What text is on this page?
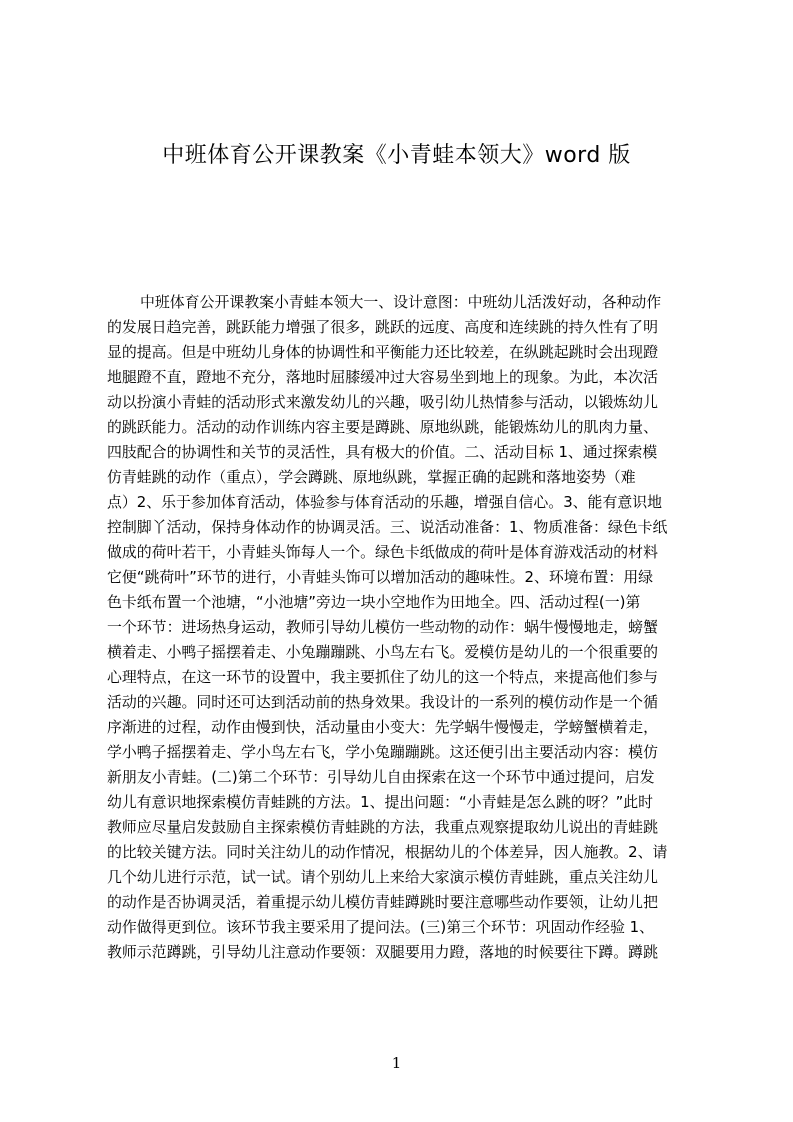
中班体育公开课教案《小青蛙本领大》word 版
中班体育公开课教案小青蛙本领大一、设计意图：中班幼儿活泼好动，各种动作
的发展日趋完善，跳跃能力增强了很多，跳跃的远度、高度和连续跳的持久性有了明
显的提高。但是中班幼儿身体的协调性和平衡能力还比较差，在纵跳起跳时会出现蹬
地腿蹬不直，蹬地不充分，落地时屈膝缓冲过大容易坐到地上的现象。为此，本次活
动以扮演小青蛙的活动形式来激发幼儿的兴趣，吸引幼儿热情参与活动，以锻炼幼儿
的跳跃能力。活动的动作训练内容主要是蹲跳、原地纵跳，能锻炼幼儿的肌肉力量、
四肢配合的协调性和关节的灵活性，具有极大的价值。二、活动目标 1、通过探索模
仿青蛙跳的动作（重点），学会蹲跳、原地纵跳，掌握正确的起跳和落地姿势（难
点）2、乐于参加体育活动，体验参与体育活动的乐趣，增强自信心。3、能有意识地
控制脚丫活动，保持身体动作的协调灵活。三、说活动准备：1、物质准备：绿色卡纸
做成的荷叶若干，小青蛙头饰每人一个。绿色卡纸做成的荷叶是体育游戏活动的材料
它便“跳荷叶”环节的进行，小青蛙头饰可以增加活动的趣味性。2、环境布置：用绿
色卡纸布置一个池塘，“小池塘”旁边一块小空地作为田地全。四、活动过程(一)第
一个环节：进场热身运动，教师引导幼儿模仿一些动物的动作：蜗牛慢慢地走，螃蟹
横着走、小鸭子摇摆着走、小兔蹦蹦跳、小鸟左右飞。爱模仿是幼儿的一个很重要的
心理特点，在这一环节的设置中，我主要抓住了幼儿的这一个特点，来提高他们参与
活动的兴趣。同时还可达到活动前的热身效果。我设计的一系列的模仿动作是一个循
序渐进的过程，动作由慢到快，活动量由小变大：先学蜗牛慢慢走，学螃蟹横着走，
学小鸭子摇摆着走、学小鸟左右飞，学小兔蹦蹦跳。这还便引出主要活动内容：模仿
新朋友小青蛙。(二)第二个环节：引导幼儿自由探索在这一个环节中通过提问，启发
幼儿有意识地探索模仿青蛙跳的方法。1、提出问题：“小青蛙是怎么跳的呀？”此时
教师应尽量启发鼓励自主探索模仿青蛙跳的方法，我重点观察提取幼儿说出的青蛙跳
的比较关键方法。同时关注幼儿的动作情况，根据幼儿的个体差异，因人施教。2、请
几个幼儿进行示范，试一试。请个别幼儿上来给大家演示模仿青蛙跳，重点关注幼儿
的动作是否协调灵活，着重提示幼儿模仿青蛙蹲跳时要注意哪些动作要领，让幼儿把
动作做得更到位。该环节我主要采用了提问法。(三)第三个环节：巩固动作经验 1、
教师示范蹲跳，引导幼儿注意动作要领：双腿要用力蹬，落地的时候要往下蹲。蹲跳
1
